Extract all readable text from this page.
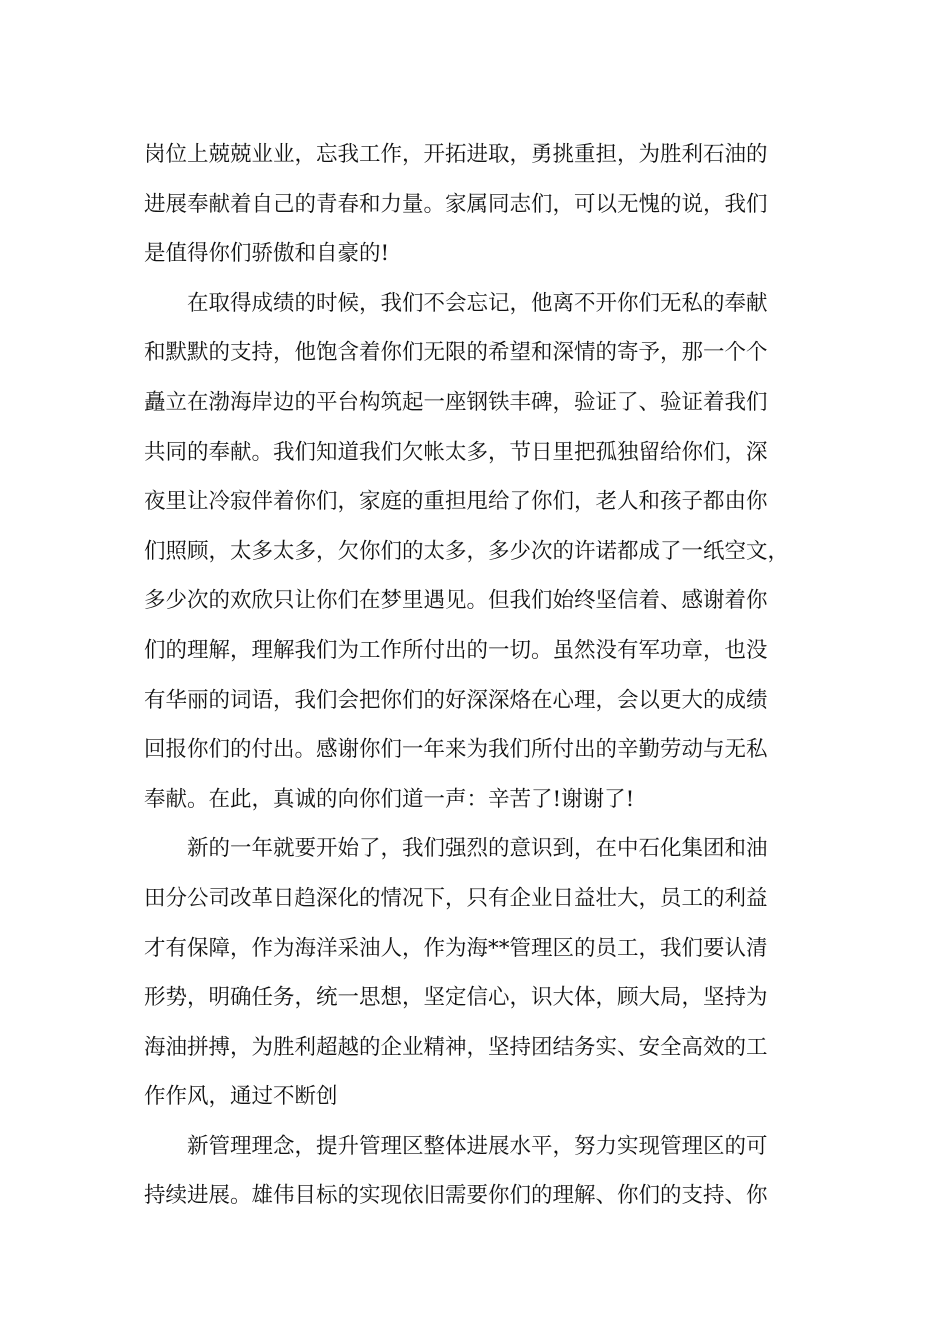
岗位上兢兢业业，忘我工作，开拓进取，勇挑重担，为胜利石油的
进展奉献着自己的青春和力量。家属同志们，可以无愧的说，我们
是值得你们骄傲和自豪的!
在取得成绩的时候，我们不会忘记，他离不开你们无私的奉献
和默默的支持，他饱含着你们无限的希望和深情的寄予，那一个个
矗立在渤海岸边的平台构筑起一座钢铁丰碑，验证了、验证着我们
共同的奉献。我们知道我们欠帐太多，节日里把孤独留给你们，深
夜里让冷寂伴着你们，家庭的重担甩给了你们，老人和孩子都由你
们照顾，太多太多，欠你们的太多，多少次的许诺都成了一纸空文，
多少次的欢欣只让你们在梦里遇见。但我们始终坚信着、感谢着你
们的理解，理解我们为工作所付出的一切。虽然没有军功章，也没
有华丽的词语，我们会把你们的好深深烙在心理，会以更大的成绩
回报你们的付出。感谢你们一年来为我们所付出的辛勤劳动与无私
奉献。在此，真诚的向你们道一声：辛苦了!谢谢了!
新的一年就要开始了，我们强烈的意识到，在中石化集团和油
田分公司改革日趋深化的情况下，只有企业日益壮大，员工的利益
才有保障，作为海洋采油人，作为海**管理区的员工，我们要认清
形势，明确任务，统一思想，坚定信心，识大体，顾大局，坚持为
海油拼搏，为胜利超越的企业精神，坚持团结务实、安全高效的工
作作风，通过不断创
新管理理念，提升管理区整体进展水平，努力实现管理区的可
持续进展。雄伟目标的实现依旧需要你们的理解、你们的支持、你
